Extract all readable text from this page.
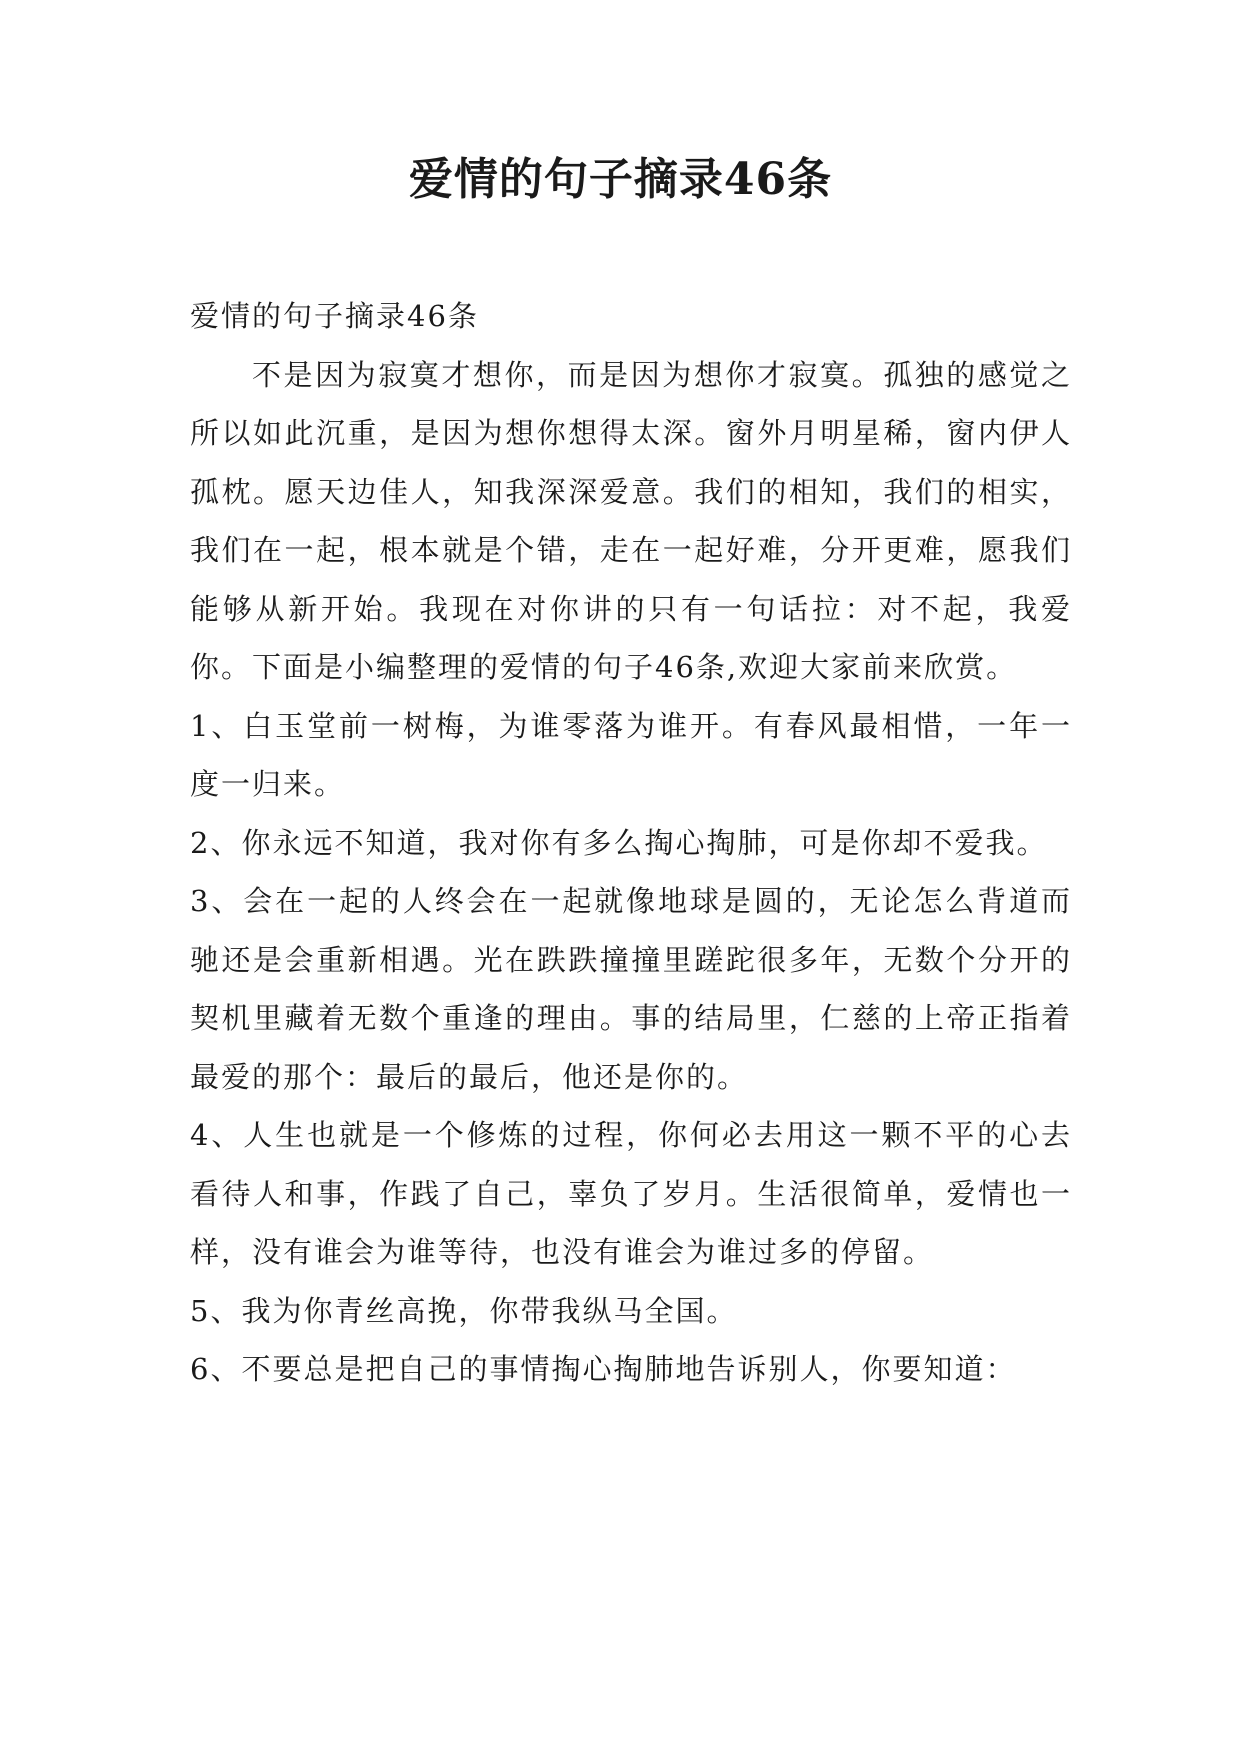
爱情的句子摘录46条

爱情的句子摘录46条

不是因为寂寞才想你，而是因为想你才寂寞。孤独的感觉之所以如此沉重，是因为想你想得太深。窗外月明星稀，窗内伊人孤枕。愿天边佳人，知我深深爱意。我们的相知，我们的相实，我们在一起，根本就是个错，走在一起好难，分开更难，愿我们能够从新开始。我现在对你讲的只有一句话拉：对不起，我爱你。下面是小编整理的爱情的句子46条,欢迎大家前来欣赏。

1、白玉堂前一树梅，为谁零落为谁开。有春风最相惜，一年一度一归来。

2、你永远不知道，我对你有多么掏心掏肺，可是你却不爱我。

3、会在一起的人终会在一起就像地球是圆的，无论怎么背道而驰还是会重新相遇。光在跌跌撞撞里蹉跎很多年，无数个分开的契机里藏着无数个重逢的理由。事的结局里，仁慈的上帝正指着最爱的那个：最后的最后，他还是你的。

4、人生也就是一个修炼的过程，你何必去用这一颗不平的心去看待人和事，作践了自己，辜负了岁月。生活很简单，爱情也一样，没有谁会为谁等待，也没有谁会为谁过多的停留。

5、我为你青丝高挽，你带我纵马全国。

6、不要总是把自己的事情掏心掏肺地告诉别人，你要知道：
